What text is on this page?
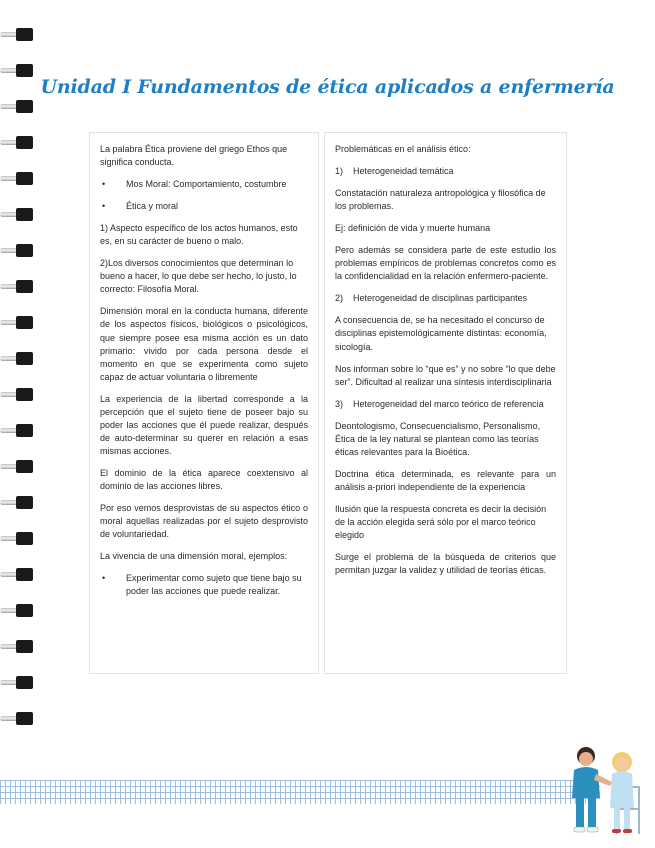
Unidad I Fundamentos de ética aplicados a enfermería

La palabra Ética proviene del griego Ethos que significa conducta.

•	Mos Moral: Comportamiento, costumbre
•	Ética y moral

1) Aspecto específico de los actos humanos, esto es, en su carácter de bueno o malo.

2)Los diversos conocimientos que determinan lo bueno a hacer, lo que debe ser hecho, lo justo, lo correcto: Filosofía Moral.

Dimensión moral en la conducta humana, diferente de los aspectos físicos, biológicos o psicológicos, que siempre posee esa misma acción es un dato primario: vivido por cada persona desde el momento en que se experimenta como sujeto capaz de actuar voluntaria o libremente

La experiencia de la libertad corresponde a la percepción que el sujeto tiene de poseer bajo su poder las acciones que él puede realizar, después de auto-determinar su querer en relación a esas mismas acciones.

El dominio de la ética aparece coextensivo al dominio de las acciones libres.

Por eso vemos desprovistas de su aspectos ético o moral aquellas realizadas por el sujeto desprovisto de voluntariedad.

La vivencia de una dimensión moral, ejemplos:

•	Experimentar como sujeto que tiene bajo su poder las acciones que puede realizar.

Problemáticas en el análisis ético:

1)	Heterogeneidad temática

Constatación naturaleza antropológica y filosófica de los problemas.

Ej: definición de vida y muerte humana

Pero además se considera parte de este estudio los problemas empíricos de problemas concretos como es la confidencialidad en la relación enfermero-paciente.

2)	Heterogeneidad de disciplinas participantes

A consecuencia de, se ha necesitado el concurso de disciplinas epistemológicamente distintas: economía, sicología.

Nos informan sobre lo “que es” y no sobre “lo que debe ser”. Dificultad al realizar una síntesis interdisciplinaria

3)	Heterogeneidad del marco teórico de referencia

Deontologismo, Consecuencialismo, Personalismo, Ética de la ley natural se plantean como las teorías éticas relevantes para la Bioética.

Doctrina ética determinada, es relevante para un análisis a-priori independiente de la experiencia

Ilusión que la respuesta concreta es decir la decisión de la acción elegida será sólo por el marco teórico elegido

Surge el problema de la búsqueda de criterios que permitan juzgar la validez y utilidad de teorías éticas.
